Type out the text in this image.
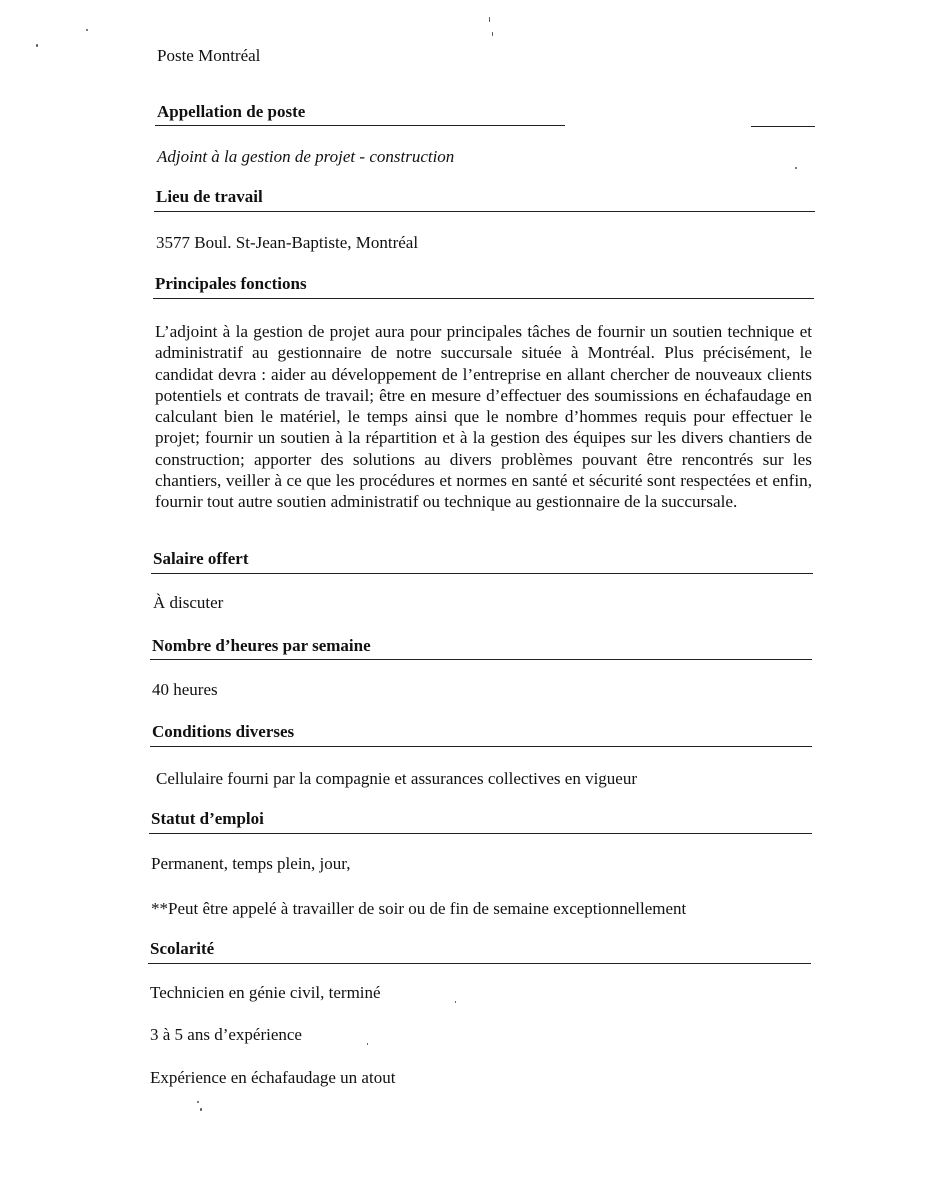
Poste Montréal
Appellation de poste
Adjoint à la gestion de projet - construction
Lieu de travail
3577 Boul. St-Jean-Baptiste, Montréal
Principales fonctions
L’adjoint à la gestion de projet aura pour principales tâches de fournir un soutien technique et administratif au gestionnaire de notre succursale située à Montréal. Plus précisément, le candidat devra : aider au développement de l’entreprise en allant chercher de nouveaux clients potentiels et contrats de travail; être en mesure d’effectuer des soumissions en échafaudage en calculant bien le matériel, le temps ainsi que le nombre d’hommes requis pour effectuer le projet; fournir un soutien à la répartition et à la gestion des équipes sur les divers chantiers de construction; apporter des solutions au divers problèmes pouvant être rencontrés sur les chantiers, veiller à ce que les procédures et normes en santé et sécurité sont respectées et enfin, fournir tout autre soutien administratif ou technique au gestionnaire de la succursale.
Salaire offert
À discuter
Nombre d’heures par semaine
40 heures
Conditions diverses
Cellulaire fourni par la compagnie et assurances collectives en vigueur
Statut d’emploi
Permanent, temps plein, jour,
**Peut être appelé à travailler de soir ou de fin de semaine exceptionnellement
Scolarité
Technicien en génie civil, terminé
3 à 5 ans d’expérience
Expérience en échafaudage un atout
